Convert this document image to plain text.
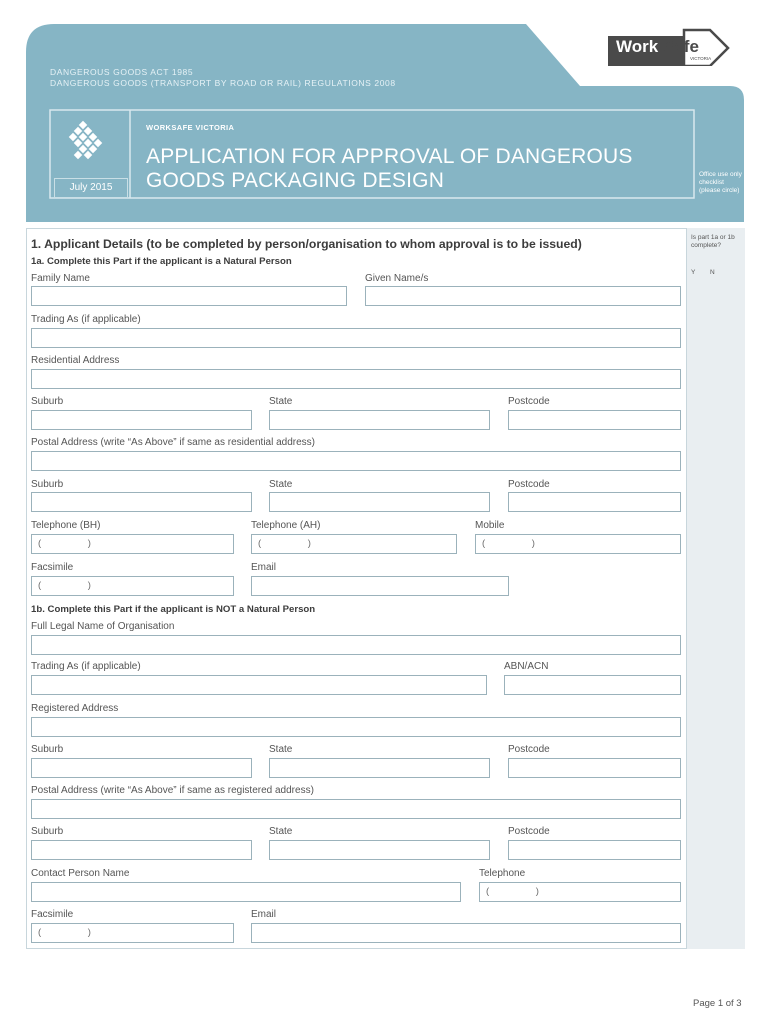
DANGEROUS GOODS ACT 1985
DANGEROUS GOODS (TRANSPORT BY ROAD OR RAIL) REGULATIONS 2008
Work Safe
VICTORIA
July 2015
WORKSAFE VICTORIA
APPLICATION FOR APPROVAL OF DANGEROUS
GOODS PACKAGING DESIGN	Office use only checklist (please circle)
Is part 1a or 1b complete?
Y N
1. Applicant Details (to be completed by person/organisation to whom approval is to be issued)
1a. Complete this Part if the applicant is a Natural Person
Family Name	Given Name/s
Trading As (if applicable)
Residential Address
Suburb	State	Postcode
Postal Address (write “As Above” if same as residential address)
Suburb	State	Postcode
Telephone (BH)	Telephone (AH)	Mobile
( )	( )	( )
Facsimile	Email
( )
1b. Complete this Part if the applicant is NOT a Natural Person
Full Legal Name of Organisation
Trading As (if applicable)	ABN/ACN
Registered Address
Suburb	State	Postcode
Postal Address (write “As Above” if same as registered address)
Suburb	State	Postcode
Contact Person Name	Telephone
( )
Facsimile	Email
( )
Page 1 of 3
